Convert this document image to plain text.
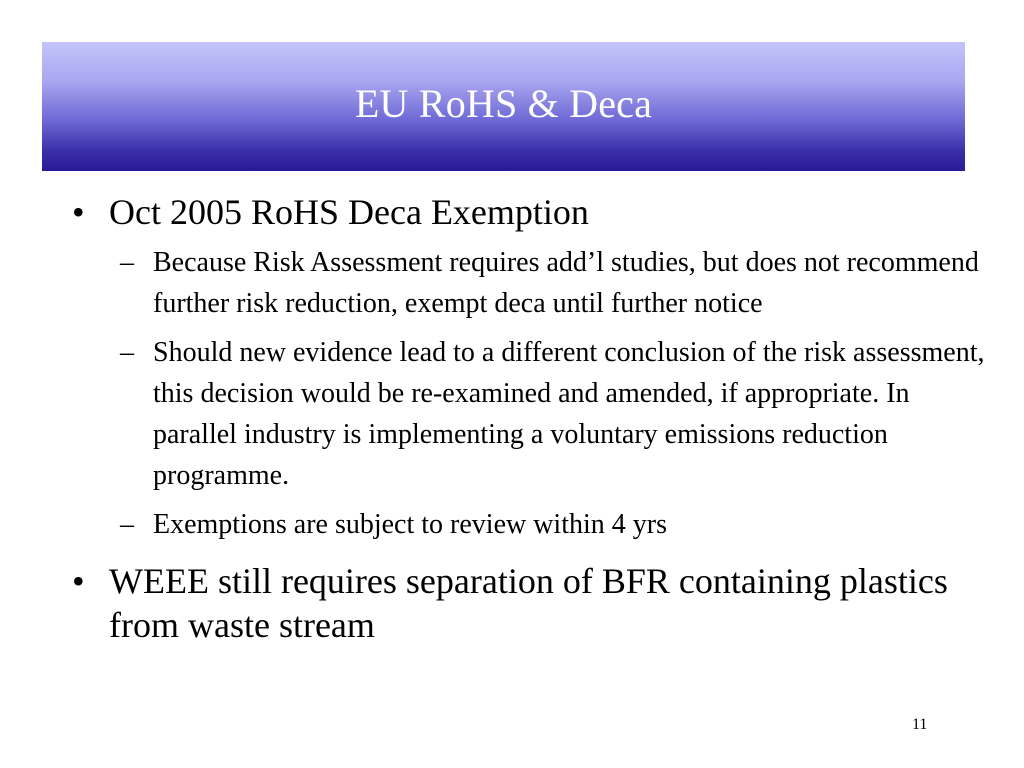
EU RoHS & Deca
• Oct 2005 RoHS Deca Exemption
– Because Risk Assessment requires add’l studies, but does not recommend further risk reduction, exempt deca until further notice
– Should new evidence lead to a different conclusion of the risk assessment, this decision would be re-examined and amended, if appropriate. In parallel industry is implementing a voluntary emissions reduction programme.
– Exemptions are subject to review within 4 yrs
• WEEE still requires separation of BFR containing plastics from waste stream
11
